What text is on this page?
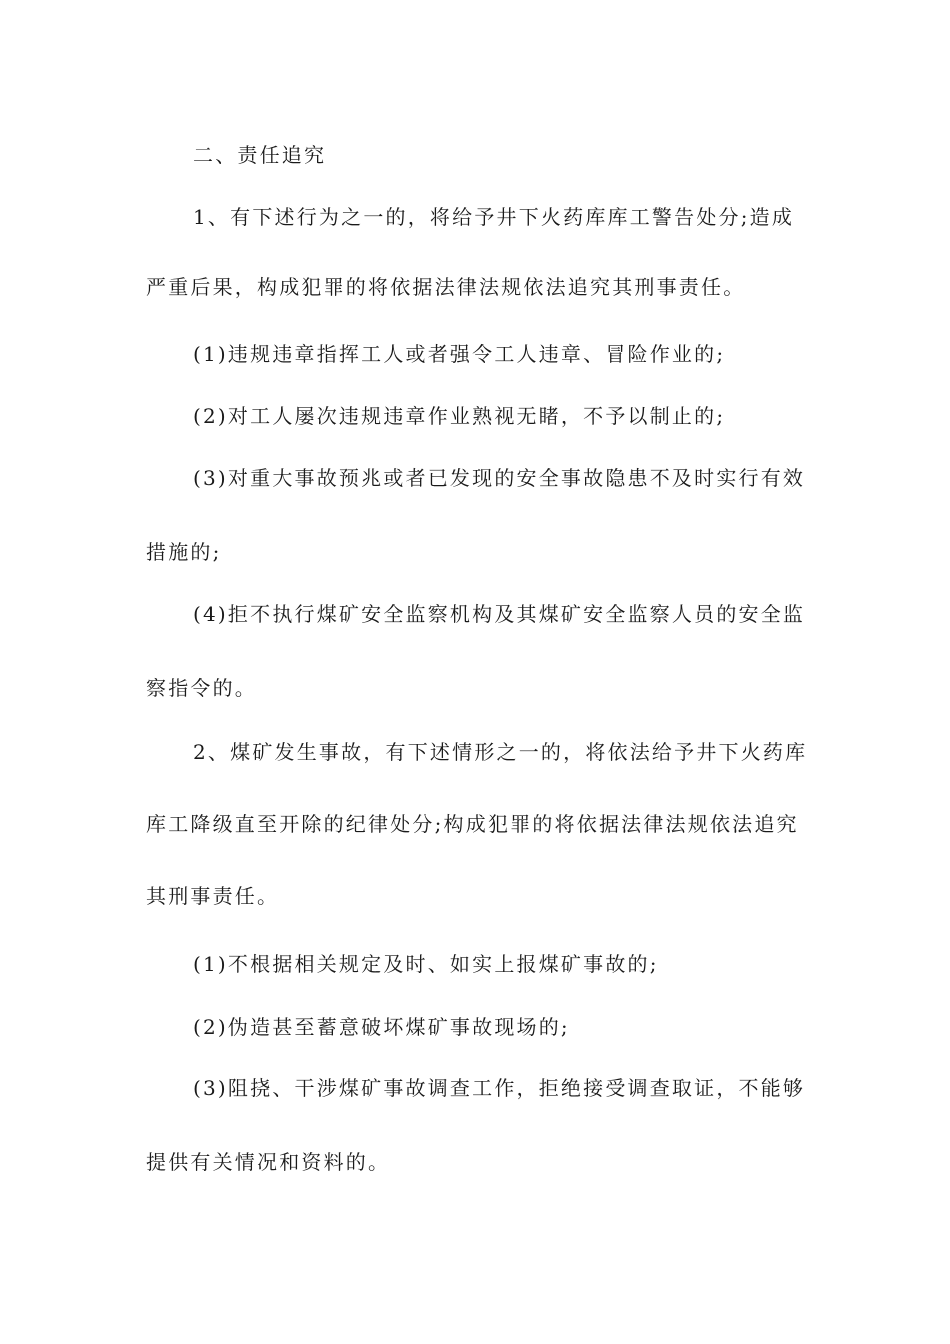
二、责任追究
1、有下述行为之一的，将给予井下火药库库工警告处分;造成
严重后果，构成犯罪的将依据法律法规依法追究其刑事责任。
(1)违规违章指挥工人或者强令工人违章、冒险作业的;
(2)对工人屡次违规违章作业熟视无睹，不予以制止的;
(3)对重大事故预兆或者已发现的安全事故隐患不及时实行有效
措施的;
(4)拒不执行煤矿安全监察机构及其煤矿安全监察人员的安全监
察指令的。
2、煤矿发生事故，有下述情形之一的，将依法给予井下火药库
库工降级直至开除的纪律处分;构成犯罪的将依据法律法规依法追究
其刑事责任。
(1)不根据相关规定及时、如实上报煤矿事故的;
(2)伪造甚至蓄意破坏煤矿事故现场的;
(3)阻挠、干涉煤矿事故调查工作，拒绝接受调查取证，不能够
提供有关情况和资料的。
